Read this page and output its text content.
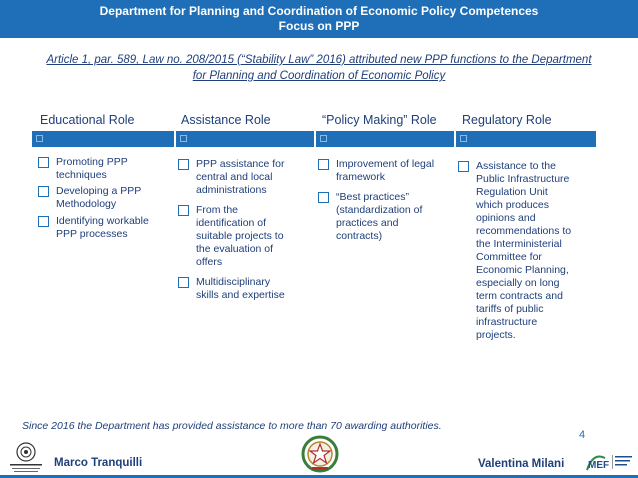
Department for Planning and Coordination of Economic Policy Competences
Focus on PPP
Article 1, par. 589, Law no. 208/2015 (“Stability Law” 2016) attributed new PPP functions to the Department
for Planning and Coordination of Economic Policy
Educational Role	Assistance Role	“Policy Making” Role Regulatory Role
Promoting PPP
techniques
Developing a PPP
Methodology
Identifying workable
PPP processes
PPP assistance for
central and local
administrations
From the
identification of
suitable projects to
the evaluation of
offers
Multidisciplinary
skills and expertise
Improvement of legal
framework
“Best practices”
(standardization of
practices and
contracts)
Assistance to the
Public Infrastructure
Regulation Unit
which produces
opinions and
recommendations to
the Interministerial
Committee for
Economic Planning,
especially on long
term contracts and
tariffs of public
infrastructure
projects.
Since 2016 the Department has provided assistance to more than 70 awarding authorities.
4
Marco Tranquilli	Valentina Milani MEF
